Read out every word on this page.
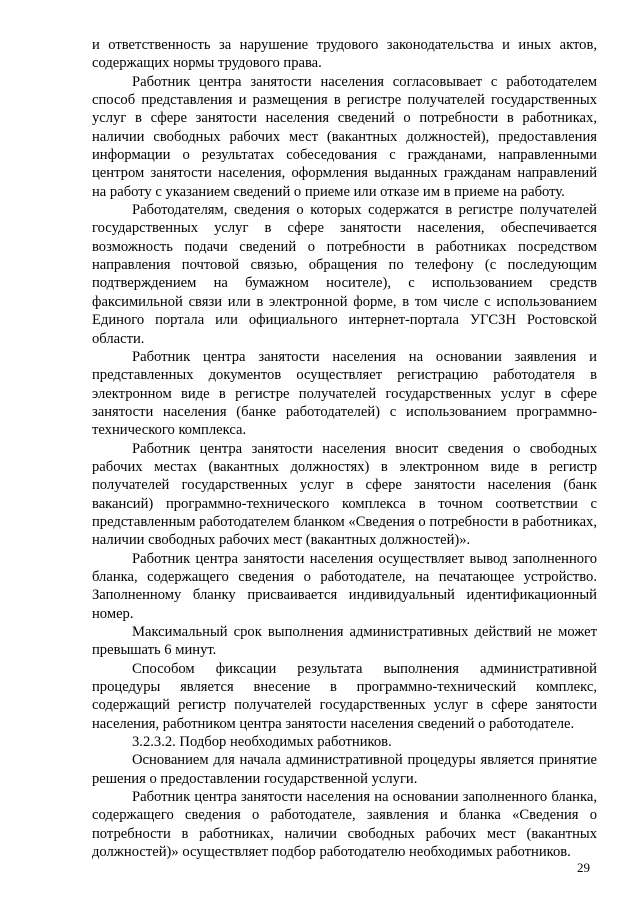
и ответственность за нарушение трудового законодательства и иных актов, содержащих нормы трудового права.

Работник центра занятости населения согласовывает с работодателем способ представления и размещения в регистре получателей государственных услуг в сфере занятости населения сведений о потребности в работниках, наличии свободных рабочих мест (вакантных должностей), предоставления информации о результатах собеседования с гражданами, направленными центром занятости населения, оформления выданных гражданам направлений на работу с указанием сведений о приеме или отказе им в приеме на работу.

Работодателям, сведения о которых содержатся в регистре получателей государственных услуг в сфере занятости населения, обеспечивается возможность подачи сведений о потребности в работниках посредством направления почтовой связью, обращения по телефону (с последующим подтверждением на бумажном носителе), с использованием средств факсимильной связи или в электронной форме, в том числе с использованием Единого портала или официального интернет-портала УГСЗН Ростовской области.

Работник центра занятости населения на основании заявления и представленных документов осуществляет регистрацию работодателя в электронном виде в регистре получателей государственных услуг в сфере занятости населения (банке работодателей) с использованием программно-технического комплекса.

Работник центра занятости населения вносит сведения о свободных рабочих местах (вакантных должностях) в электронном виде в регистр получателей государственных услуг в сфере занятости населения (банк вакансий) программно-технического комплекса в точном соответствии с представленным работодателем бланком «Сведения о потребности в работниках, наличии свободных рабочих мест (вакантных должностей)».

Работник центра занятости населения осуществляет вывод заполненного бланка, содержащего сведения о работодателе, на печатающее устройство. Заполненному бланку присваивается индивидуальный идентификационный номер.

Максимальный срок выполнения административных действий не может превышать 6 минут.

Способом фиксации результата выполнения административной процедуры является внесение в программно-технический комплекс, содержащий регистр получателей государственных услуг в сфере занятости населения, работником центра занятости населения сведений о работодателе.

3.2.3.2. Подбор необходимых работников.

Основанием для начала административной процедуры является принятие решения о предоставлении государственной услуги.

Работник центра занятости населения на основании заполненного бланка, содержащего сведения о работодателе, заявления и бланка «Сведения о потребности в работниках, наличии свободных рабочих мест (вакантных должностей)» осуществляет подбор работодателю необходимых работников.

29
